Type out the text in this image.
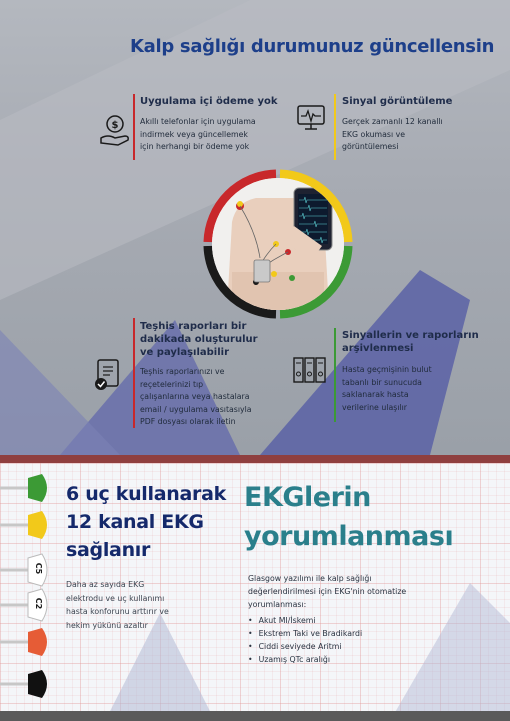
Kalp sağlığı durumunuz güncellensin
$
Uygulama içi ödeme yok

Akıllı telefonlar için uygulama

indirmek veya güncellemek

için herhangi bir ödeme yok

Sinyal görüntüleme

Gerçek zamanlı 12 kanallı

EKG okuması ve

görüntülemesi

Teşhis raporları bir
dakikada oluşturulur
ve paylaşılabilir

Teşhis raporlarınızı ve

reçetelerinizi tıp

çalışanlarına veya hastalara

email / uygulama vasıtasıyla

PDF dosyası olarak iletin

Sinyallerin ve raporların
arşivlenmesi

Hasta geçmişinin bulut

tabanlı bir sunucuda

saklanarak hasta

verilerine ulaşılır

C5
C2
6 uç kullanarak
12 kanal EKG
sağlanır
Daha az sayıda EKG
elektrodu ve uç kullanımı
hasta konforunu arttırır ve
hekim yükünü azaltır
EKGlerin
yorumlanması
Glasgow yazılımı ile kalp sağlığı
değerlendirilmesi için EKG'nin otomatize
yorumlanması:
• Akut MI/İskemi
• Ekstrem Taki ve Bradikardi
• Ciddi seviyede Aritmi
• Uzamış QTc aralığı
